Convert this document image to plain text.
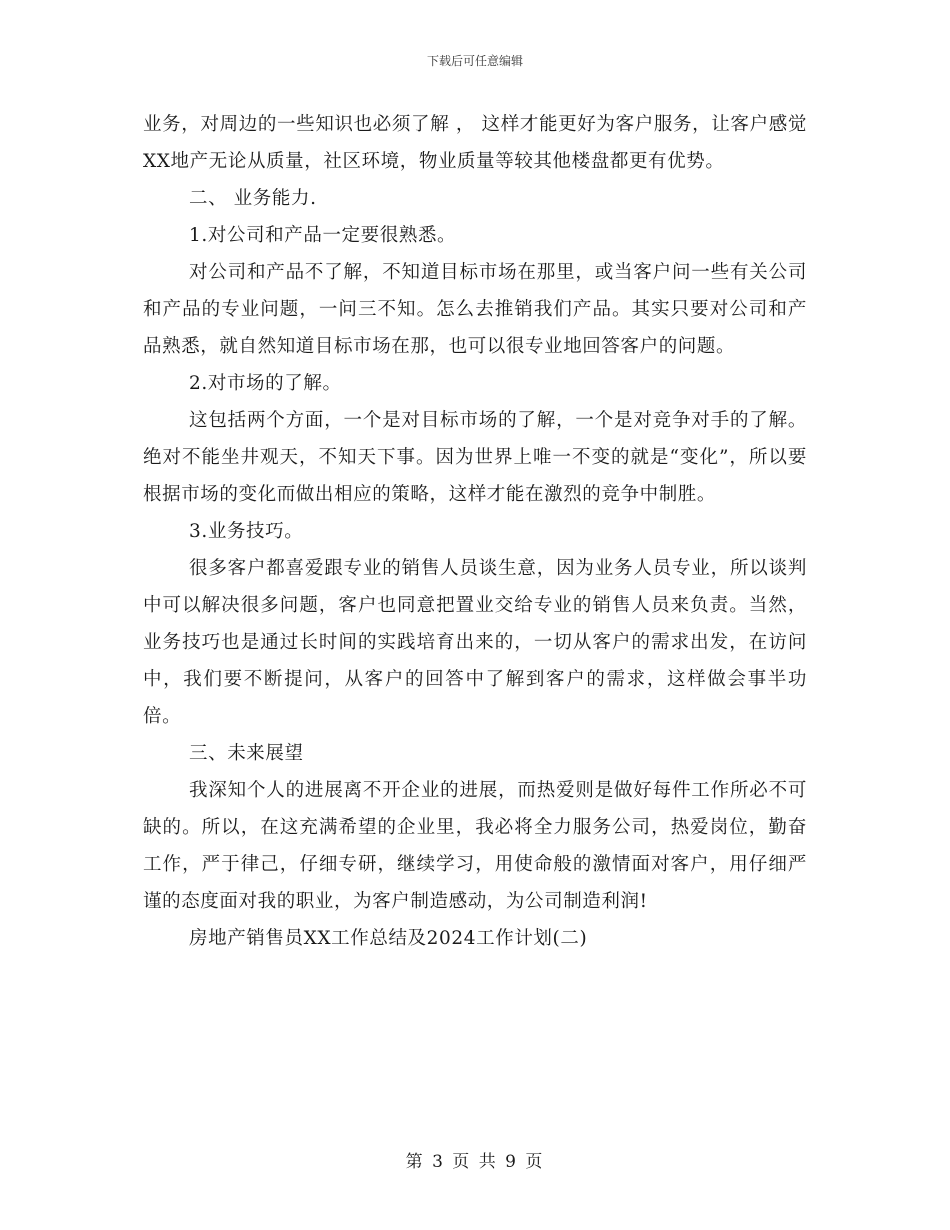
下载后可任意编辑

业务，对周边的一些知识也必须了解 ， 这样才能更好为客户服务，让客户感觉XX地产无论从质量，社区环境，物业质量等较其他楼盘都更有优势。

二、 业务能力.

1.对公司和产品一定要很熟悉。

对公司和产品不了解，不知道目标市场在那里，或当客户问一些有关公司和产品的专业问题，一问三不知。怎么去推销我们产品。其实只要对公司和产品熟悉，就自然知道目标市场在那，也可以很专业地回答客户的问题。

2.对市场的了解。

这包括两个方面，一个是对目标市场的了解，一个是对竞争对手的了解。绝对不能坐井观天，不知天下事。因为世界上唯一不变的就是“变化”，所以要根据市场的变化而做出相应的策略，这样才能在激烈的竞争中制胜。

3.业务技巧。

很多客户都喜爱跟专业的销售人员谈生意，因为业务人员专业，所以谈判中可以解决很多问题，客户也同意把置业交给专业的销售人员来负责。当然，业务技巧也是通过长时间的实践培育出来的，一切从客户的需求出发，在访问中，我们要不断提问，从客户的回答中了解到客户的需求，这样做会事半功倍。

三、未来展望

我深知个人的进展离不开企业的进展，而热爱则是做好每件工作所必不可缺的。所以，在这充满希望的企业里，我必将全力服务公司，热爱岗位，勤奋工作，严于律己，仔细专研，继续学习，用使命般的激情面对客户，用仔细严谨的态度面对我的职业，为客户制造感动，为公司制造利润!

房地产销售员XX工作总结及2024工作计划(二)

第 3 页 共 9 页
